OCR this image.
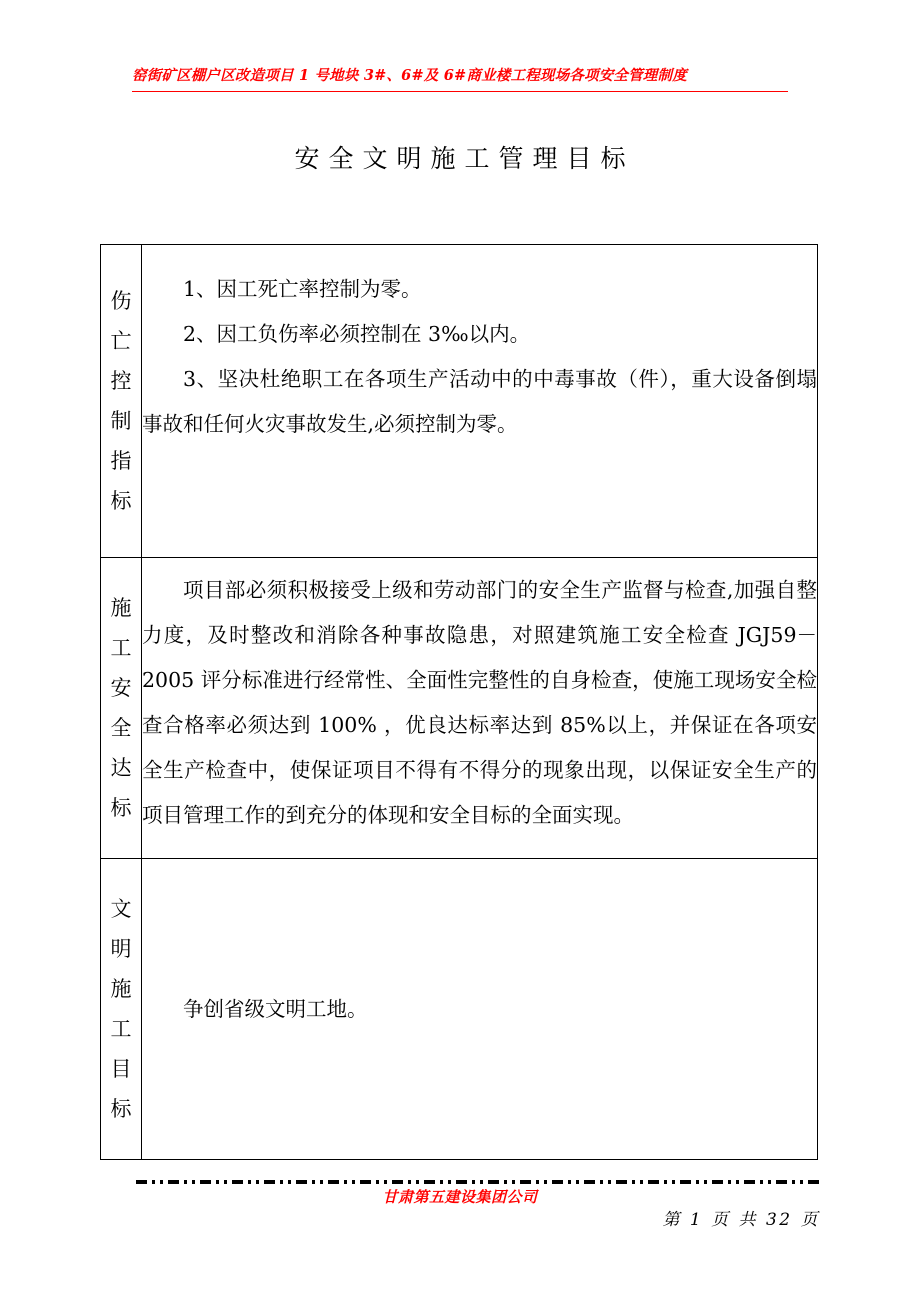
窑街矿区棚户区改造项目 1 号地块 3#、6#及 6#商业楼工程现场各项安全管理制度
安全文明施工管理目标
伤亡控制指标	1、因工死亡率控制为零。

2、因工负伤率必须控制在 3‰以内。

3、坚决杜绝职工在各项生产活动中的中毒事故（件），重大设备倒塌事故和任何火灾事故发生,必须控制为零。

施工安全达标	项目部必须积极接受上级和劳动部门的安全生产监督与检查,加强自整力度，及时整改和消除各种事故隐患，对照建筑施工安全检查 JGJ59－2005 评分标准进行经常性、全面性完整性的自身检查，使施工现场安全检查合格率必须达到 100% ，优良达标率达到 85%以上，并保证在各项安全生产检查中，使保证项目不得有不得分的现象出现，以保证安全生产的项目管理工作的到充分的体现和安全目标的全面实现。

文明施工目标	争创省级文明工地。

甘肃第五建设集团公司
第 1 页 共 32 页
